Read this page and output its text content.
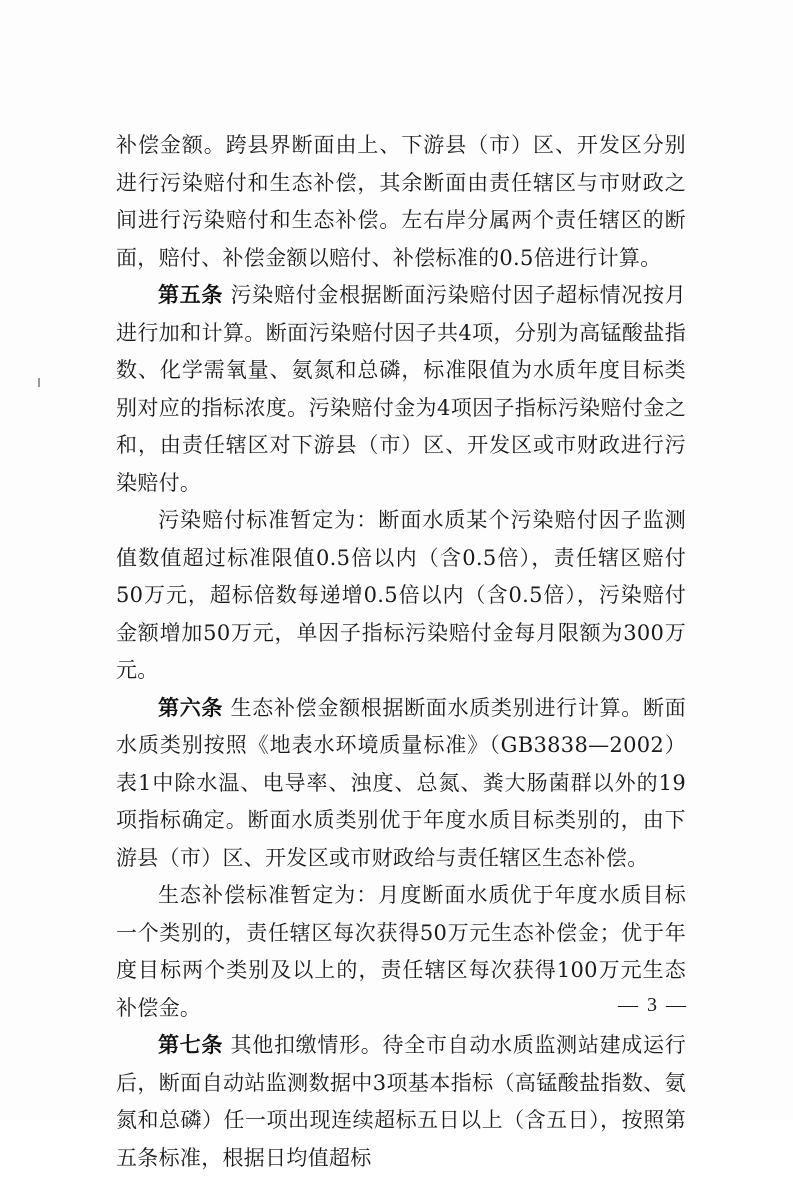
补偿金额。跨县界断面由上、下游县（市）区、开发区分别进行污染赔付和生态补偿，其余断面由责任辖区与市财政之间进行污染赔付和生态补偿。左右岸分属两个责任辖区的断面，赔付、补偿金额以赔付、补偿标准的0.5倍进行计算。

第五条 污染赔付金根据断面污染赔付因子超标情况按月进行加和计算。断面污染赔付因子共4项，分别为高锰酸盐指数、化学需氧量、氨氮和总磷，标准限值为水质年度目标类别对应的指标浓度。污染赔付金为4项因子指标污染赔付金之和，由责任辖区对下游县（市）区、开发区或市财政进行污染赔付。

污染赔付标准暂定为：断面水质某个污染赔付因子监测值数值超过标准限值0.5倍以内（含0.5倍），责任辖区赔付50万元，超标倍数每递增0.5倍以内（含0.5倍），污染赔付金额增加50万元，单因子指标污染赔付金每月限额为300万元。

第六条 生态补偿金额根据断面水质类别进行计算。断面水质类别按照《地表水环境质量标准》（GB3838—2002）表1中除水温、电导率、浊度、总氮、粪大肠菌群以外的19项指标确定。断面水质类别优于年度水质目标类别的，由下游县（市）区、开发区或市财政给与责任辖区生态补偿。

生态补偿标准暂定为：月度断面水质优于年度水质目标一个类别的，责任辖区每次获得50万元生态补偿金；优于年度目标两个类别及以上的，责任辖区每次获得100万元生态补偿金。

第七条 其他扣缴情形。待全市自动水质监测站建成运行后，断面自动站监测数据中3项基本指标（高锰酸盐指数、氨氮和总磷）任一项出现连续超标五日以上（含五日），按照第五条标准，根据日均值超标

— 3 —
